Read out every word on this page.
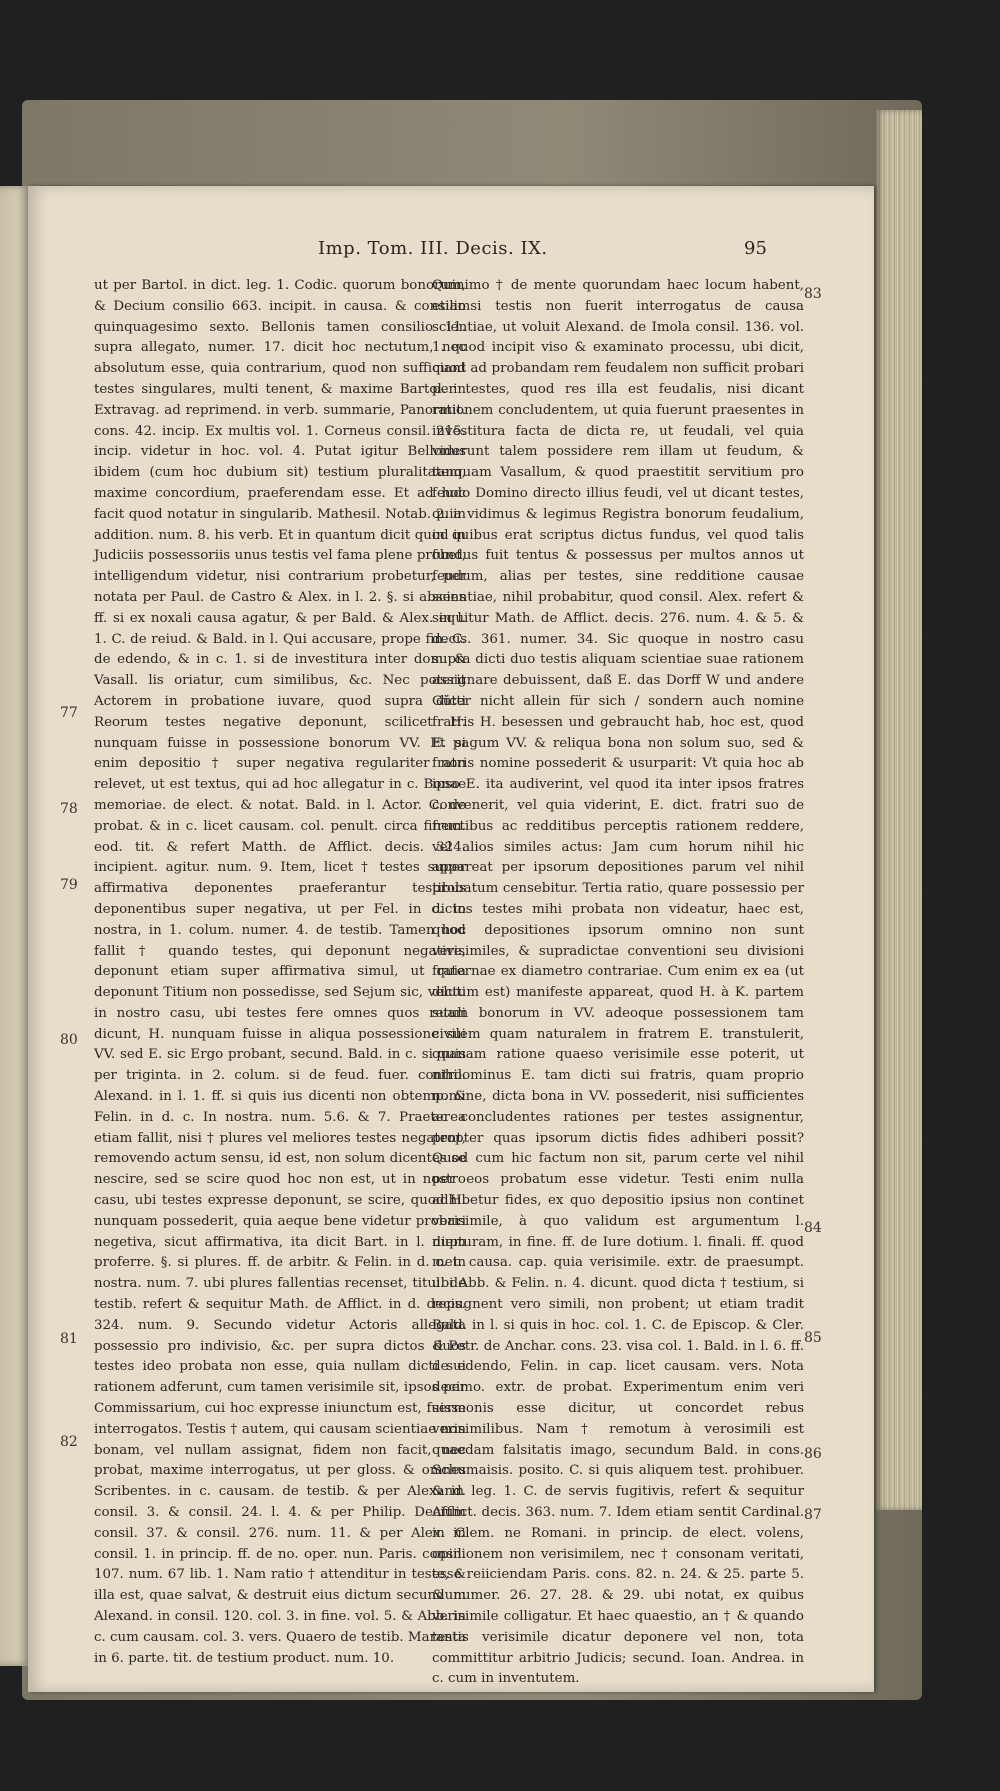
Imp. Tom. III. Decis. IX.	95

ut per Bartol. in dict. leg. 1. Codic. quorum bonorum, & Decium consilio 663. incipit. in causa. & consilio quinquagesimo sexto. Bellonis tamen consilio 11. supra allegato, numer. 17. dicit hoc nectutum, nec absolutum esse, quia contrarium, quod non sufficiant testes singulares, multi tenent, & maxime Bartol. in Extravag. ad reprimend. in verb. summarie, Panormit. cons. 42. incip. Ex multis vol. 1. Corneus consil. 215. incip. videtur in hoc. vol. 4. Putat igitur Bellonus ibidem (cum hoc dubium sit) testium pluralitatem, maxime concordium, praeferendam esse. Et ad hoc facit quod notatur in singularib. Mathesil. Notab. 2. in addition. num. 8. his verb. Et in quantum dicit quod in Judiciis possessoriis unus testis vel fama plene probet, intelligendum videtur, nisi contrarium probetur, per notata per Paul. de Castro & Alex. in l. 2. §. si absens ff. si ex noxali causa agatur, & per Bald. & Alex. in l. 1. C. de reiud. & Bald. in l. Qui accusare, prope fin. C. de edendo, & in c. 1. si de investitura inter dom. & Vasall. lis oriatur, cum similibus, &c. Nec poterit Actorem in probatione iuvare, quod supra dicti Reorum testes negative deponunt, scilicet H. nunquam fuisse in possessione bonorum VV. Et si enim depositio † super negativa regulariter non relevet, ut est textus, qui ad hoc allegatur in c. Bonae memoriae. de elect. & notat. Bald. in l. Actor. C. de probat. & in c. licet causam. col. penult. circa finem. eod. tit. & refert Matth. de Afflict. decis. 324. incipient. agitur. num. 9. Item, licet † testes super affirmativa deponentes praeferantur testibus deponentibus super negativa, ut per Fel. in c. in nostra, in 1. colum. numer. 4. de testib. Tamen hoc fallit † quando testes, qui deponunt negative, deponunt etiam super affirmativa simul, ut quia deponunt Titium non possedisse, sed Sejum sic, veluti in nostro casu, ubi testes fere omnes quos retuli dicunt, H. nunquam fuisse in aliqua possessione sui VV. sed E. sic Ergo probant, secund. Bald. in c. si quis per triginta. in 2. colum. si de feud. fuer. contro. Alexand. in l. 1. ff. si quis ius dicenti non obtemp. & Felin. in d. c. In nostra. num. 5.6. & 7. Praeterea etiam fallit, nisi † plures vel meliores testes negatent, removendo actum sensu, id est, non solum dicentes se nescire, sed se scire quod hoc non est, ut in nostro casu, ubi testes expresse deponunt, se scire, quod H. nunquam possederit, quia aeque bene videtur probari negetiva, sicut affirmativa, ita dicit Bart. in l. diem proferre. §. si plures. ff. de arbitr. & Felin. in d. c. in nostra. num. 7. ubi plures fallentias recenset, titul. de testib. refert & sequitur Math. de Afflict. in d. decis. 324. num. 9. Secundo videtur Actoris allegata possessio pro indivisio, &c. per supra dictos duos testes ideo probata non esse, quia nullam dicti sui rationem adferunt, cum tamen verisimile sit, ipsos per Commissarium, cui hoc expresse iniunctum est, fuisse interrogatos. Testis † autem, qui causam scientiae non bonam, vel nullam assignat, fidem non facit, nec probat, maxime interrogatus, ut per gloss. & omnes Scribentes. in c. causam. de testib. & per Alexand. consil. 3. & consil. 24. l. 4. & per Philip. Decium consil. 37. & consil. 276. num. 11. & per Alex. in consil. 1. in princip. ff. de no. oper. nun. Paris. consil. 107. num. 67 lib. 1. Nam ratio † attenditur in teste, & illa est, quae salvat, & destruit eius dictum secundum Alexand. in consil. 120. col. 3. in fine. vol. 5. & Abb. in c. cum causam. col. 3. vers. Quaero de testib. Maranta in 6. parte. tit. de testium product. num. 10.

Quinimo † de mente quorundam haec locum habent, etiamsi testis non fuerit interrogatus de causa scientiae, ut voluit Alexand. de Imola consil. 136. vol. 1. quod incipit viso & examinato processu, ubi dicit, quod ad probandam rem feudalem non sufficit probari per testes, quod res illa est feudalis, nisi dicant rationem concludentem, ut quia fuerunt praesentes in investitura facta de dicta re, ut feudali, vel quia viderunt talem possidere rem illam ut feudum, & tanquam Vasallum, & quod praestitit servitium pro feudo Domino directo illius feudi, vel ut dicant testes, quia vidimus & legimus Registra bonorum feudalium, in quibus erat scriptus dictus fundus, vel quod talis fundus fuit tentus & possessus per multos annos ut feudum, alias per testes, sine redditione causae scientiae, nihil probabitur, quod consil. Alex. refert & sequitur Math. de Afflict. decis. 276. num. 4. & 5. & decis. 361. numer. 34. Sic quoque in nostro casu supra dicti duo testis aliquam scientiae suae rationem assignare debuissent, daß E. das Dorff W und andere Güter nicht allein für sich / sondern auch nomine fratris H. besessen und gebraucht hab, hoc est, quod E. pagum VV. & reliqua bona non solum suo, sed & fratris nomine possederit & usurparit: Vt quia hoc ab ipso E. ita audiverint, vel quod ita inter ipsos fratres convenerit, vel quia viderint, E. dict. fratri suo de fructibus ac redditibus perceptis rationem reddere, vel alios similes actus: Jam cum horum nihil hic appareat per ipsorum depositiones parum vel nihil probatum censebitur. Tertia ratio, quare possessio per dictos testes mihi probata non videatur, haec est, quod depositiones ipsorum omnino non sunt verisimiles, & supradictae conventioni seu divisioni fraternae ex diametro contrariae. Cum enim ex ea (ut dictum est) manifeste appareat, quod H. à K. partem suam bonorum in VV. adeoque possessionem tam civilem quam naturalem in fratrem E. transtulerit, quanam ratione quaeso verisimile esse poterit, ut nihilominus E. tam dicti sui fratris, quam proprio nomine, dicta bona in VV. possederit, nisi sufficientes ac concludentes rationes per testes assignentur, propter quas ipsorum dictis fides adhiberi possit? Quod cum hic factum non sit, parum certe vel nihil per eos probatum esse videtur. Testi enim nulla adhibetur fides, ex quo depositio ipsius non continet verisimile, à quo validum est argumentum l. nupturam, in fine. ff. de Iure dotium. l. finali. ff. quod met. causa. cap. quia verisimile. extr. de praesumpt. ubi Abb. & Felin. n. 4. dicunt. quod dicta † testium, si repugnent vero simili, non probent; ut etiam tradit Bald. in l. si quis in hoc. col. 1. C. de Episcop. & Cler. & Petr. de Anchar. cons. 23. visa col. 1. Bald. in l. 6. ff. de edendo, Felin. in cap. licet causam. vers. Nota decimo. extr. de probat. Experimentum enim veri sermonis esse dicitur, ut concordet rebus verisimilibus. Nam † remotum à verosimili est quaedam falsitatis imago, secundum Bald. in cons. Schumaisis. posito. C. si quis aliquem test. prohibuer. & in leg. 1. C. de servis fugitivis, refert & sequitur Afflict. decis. 363. num. 7. Idem etiam sentit Cardinal. in Clem. ne Romani. in princip. de elect. volens, opinionem non verisimilem, nec † consonam veritati, esse reiiciendam Paris. cons. 82. n. 24. & 25. parte 5. & numer. 26. 27. 28. & 29. ubi notat, ex quibus verisimile colligatur. Et haec quaestio, an † & quando testis verisimile dicatur deponere vel non, tota committitur arbitrio Judicis; secund. Ioan. Andrea. in c. cum in inventutem.

77
78
79
80
81
82
83
84
85
86
87
